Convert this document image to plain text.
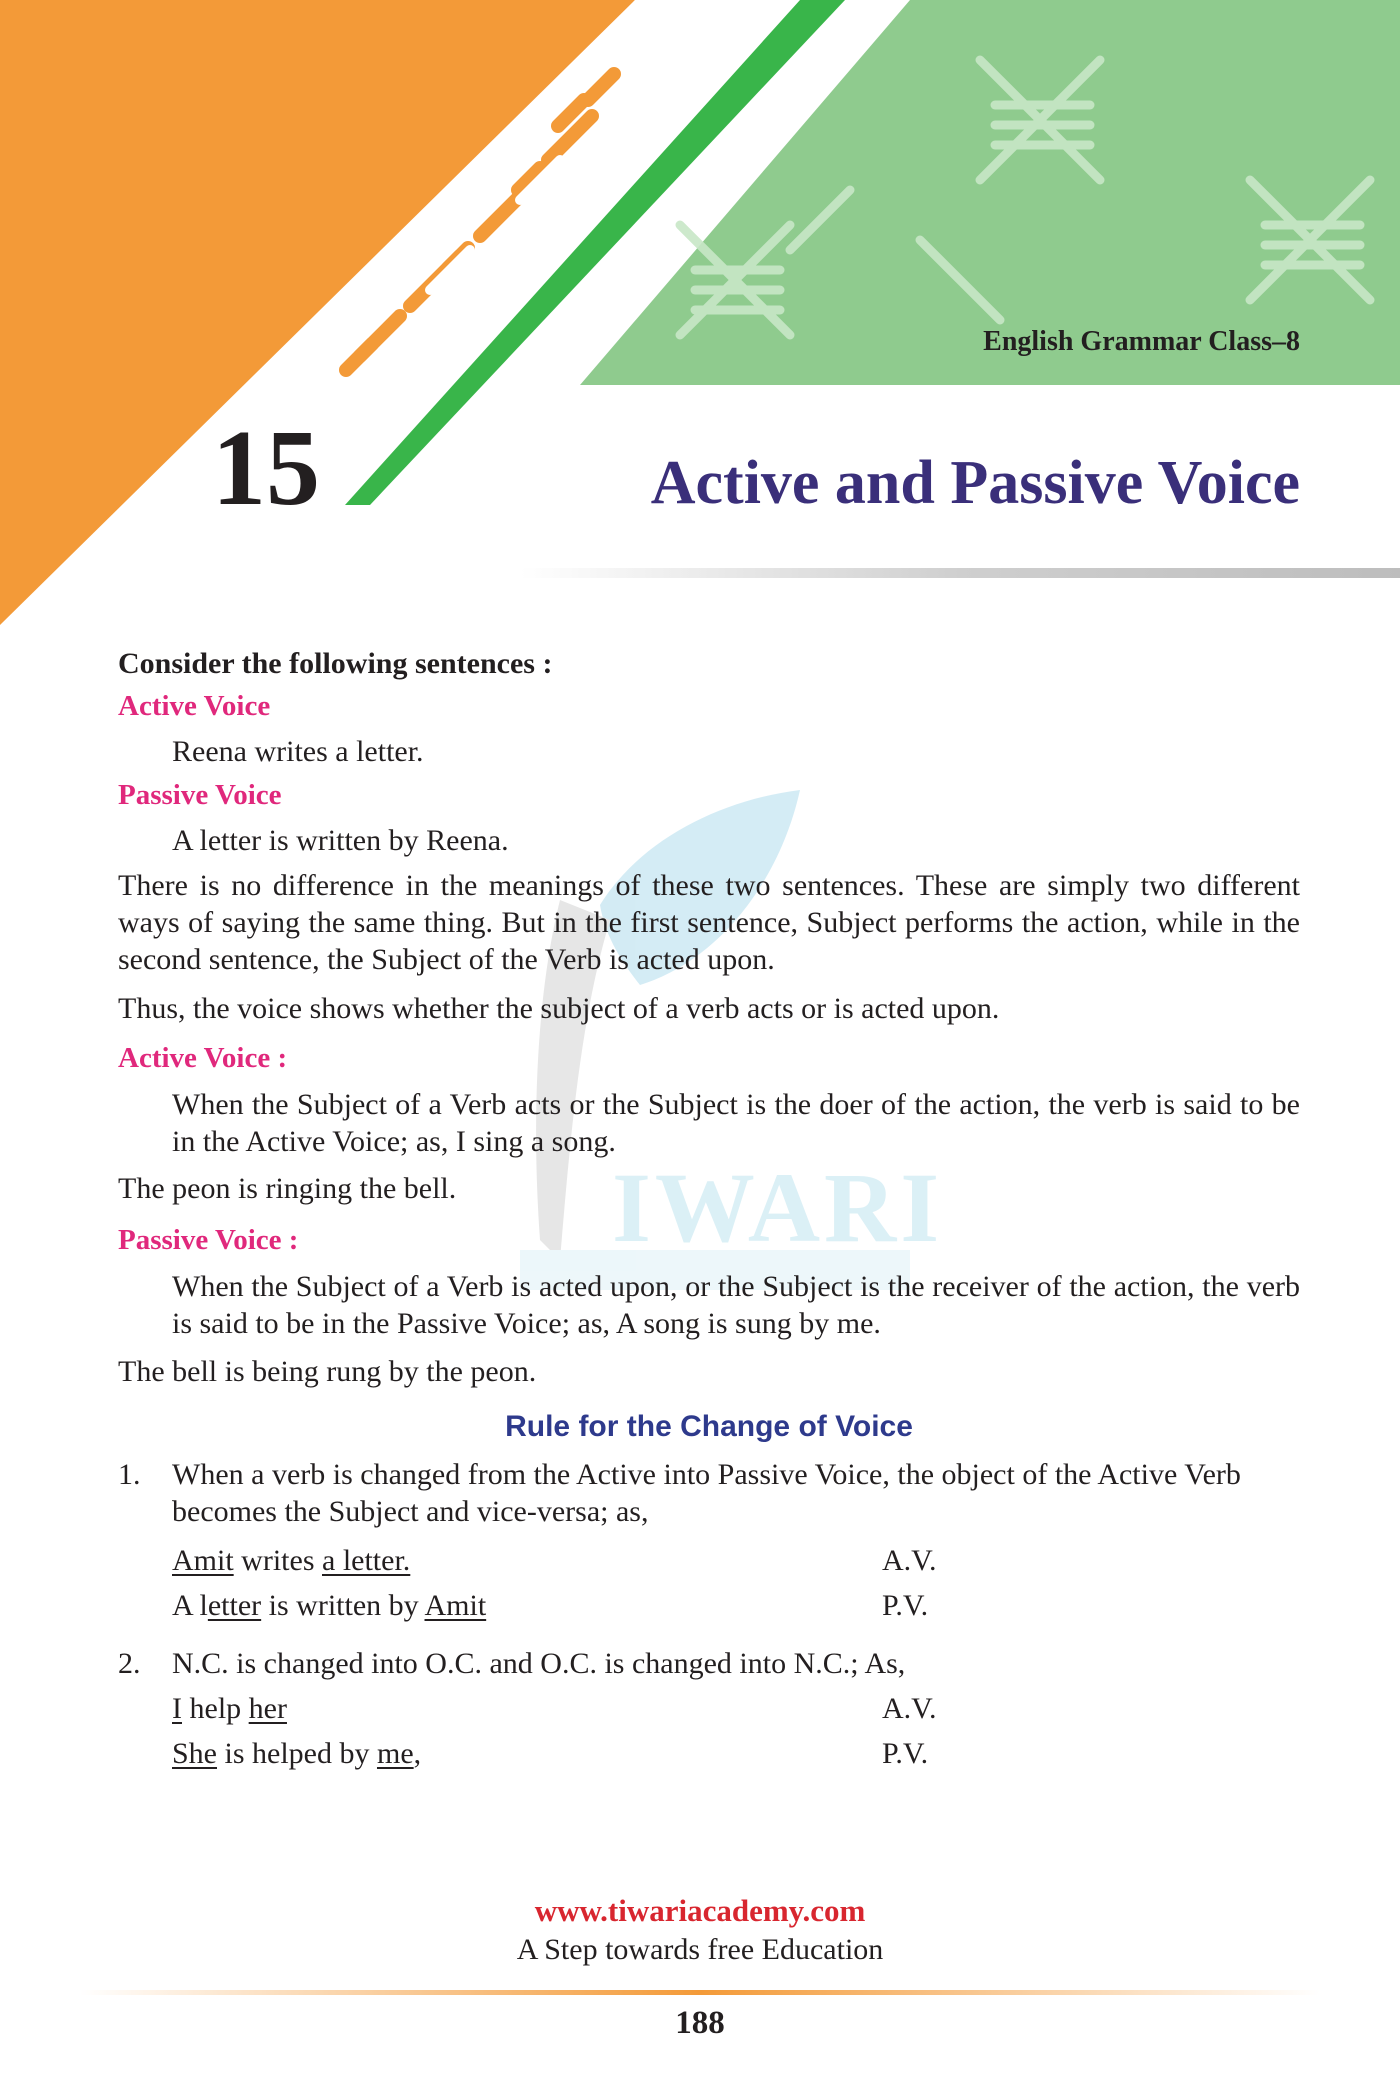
IWARI
English Grammar Class–8
15	Active and Passive Voice
Consider the following sentences :
Active Voice
Reena writes a letter.
Passive Voice
A letter is written by Reena.
There is no difference in the meanings of these two sentences. These are simply two different ways of saying the same thing. But in the first sentence, Subject performs the action, while in the second sentence, the Subject of the Verb is acted upon.
Thus, the voice shows whether the subject of a verb acts or is acted upon.
Active Voice :
When the Subject of a Verb acts or the Subject is the doer of the action, the verb is said to be in the Active Voice; as, I sing a song.
The peon is ringing the bell.
Passive Voice :
When the Subject of a Verb is acted upon, or the Subject is the receiver of the action, the verb is said to be in the Passive Voice; as, A song is sung by me.
The bell is being rung by the peon.
Rule for the Change of Voice
1. When a verb is changed from the Active into Passive Voice, the object of the Active Verb becomes the Subject and vice-versa; as,
Amit writes a letter.	A.V.
A letter is written by Amit	P.V.
2. N.C. is changed into O.C. and O.C. is changed into N.C.; As,
I help her	A.V.
She is helped by me,	P.V.
www.tiwariacademy.com
A Step towards free Education
188
